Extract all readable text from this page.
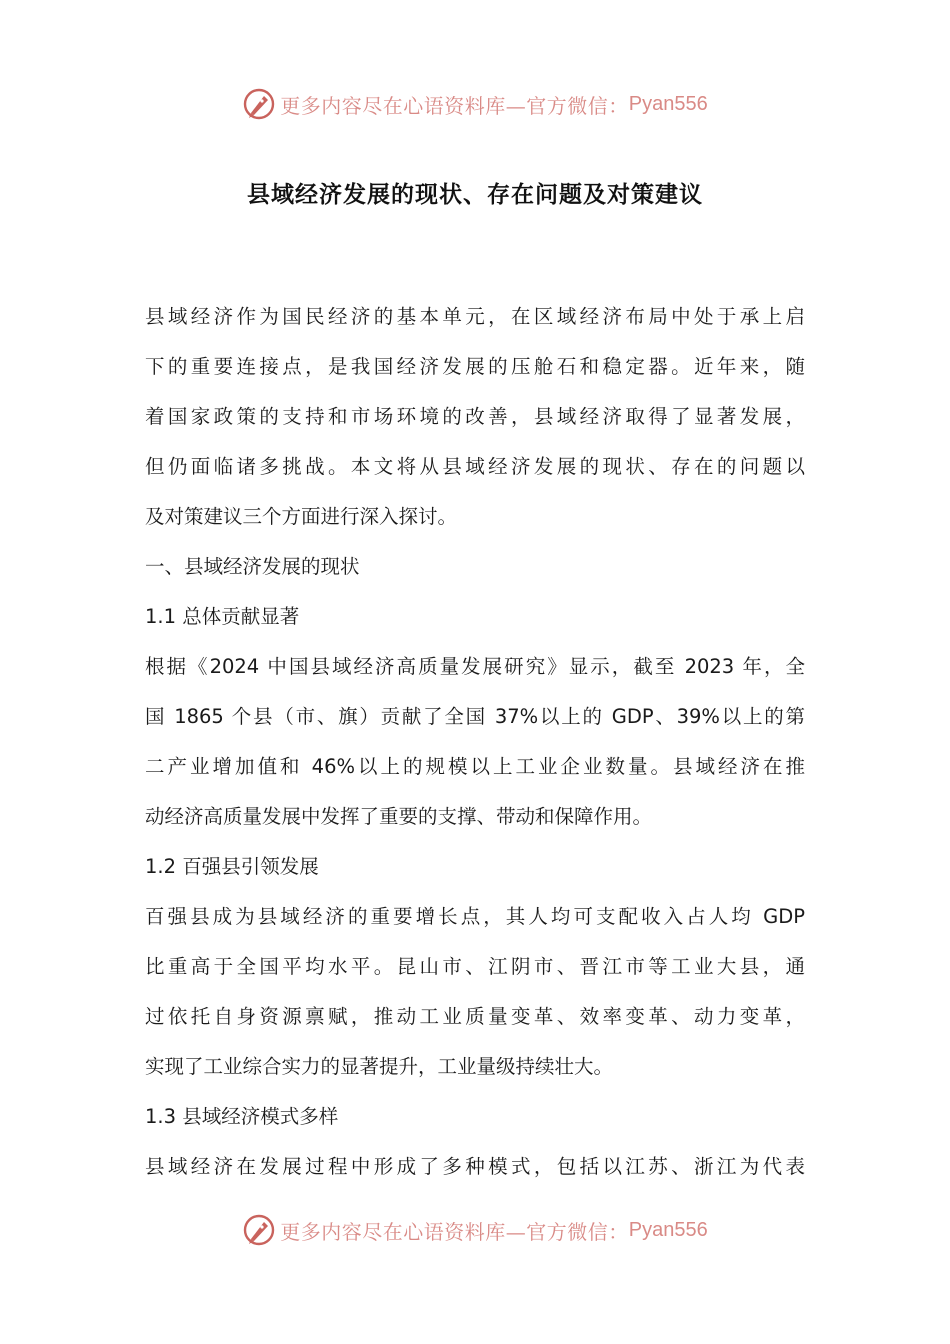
更多内容尽在心语资料库—官方微信： Pyan556
县域经济发展的现状、存在问题及对策建议
县域经济作为国民经济的基本单元，在区域经济布局中处于承上启
下的重要连接点，是我国经济发展的压舱石和稳定器。近年来，随
着国家政策的支持和市场环境的改善，县域经济取得了显著发展，
但仍面临诸多挑战。本文将从县域经济发展的现状、存在的问题以
及对策建议三个方面进行深入探讨。
一、县域经济发展的现状
1.1 总体贡献显著
根据《2024 中国县域经济高质量发展研究》显示，截至 2023 年，全
国 1865 个县（市、旗）贡献了全国 37%以上的 GDP、39%以上的第
二产业增加值和 46%以上的规模以上工业企业数量。县域经济在推
动经济高质量发展中发挥了重要的支撑、带动和保障作用。
1.2 百强县引领发展
百强县成为县域经济的重要增长点，其人均可支配收入占人均 GDP
比重高于全国平均水平。昆山市、江阴市、晋江市等工业大县，通
过依托自身资源禀赋，推动工业质量变革、效率变革、动力变革，
实现了工业综合实力的显著提升，工业量级持续壮大。
1.3 县域经济模式多样
县域经济在发展过程中形成了多种模式，包括以江苏、浙江为代表
更多内容尽在心语资料库—官方微信： Pyan556
